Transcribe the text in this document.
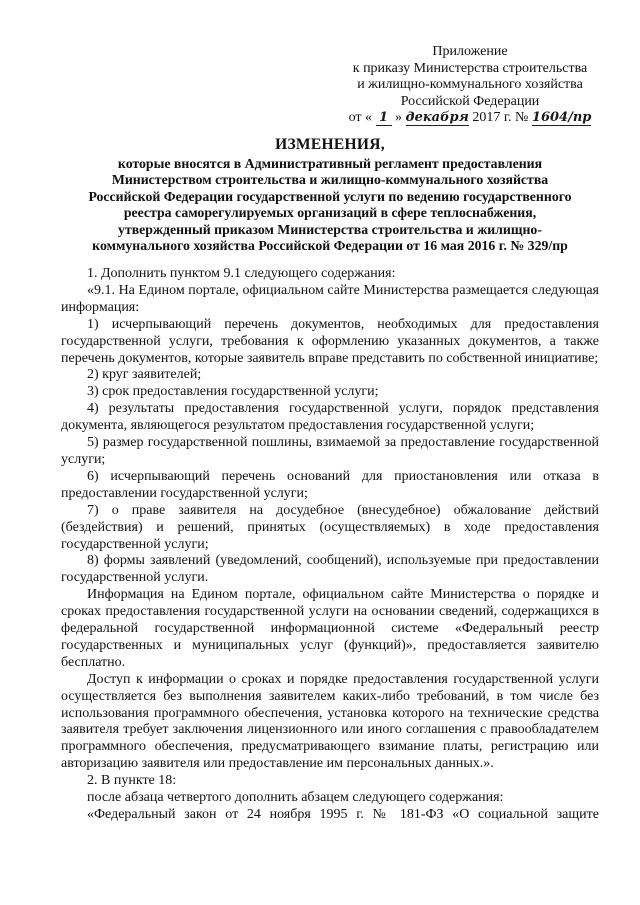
Приложение
к приказу Министерства строительства
и жилищно-коммунального хозяйства
Российской Федерации
от « 1 » декабря 2017 г. № 1604/пр
ИЗМЕНЕНИЯ,
которые вносятся в Административный регламент предоставления
Министерством строительства и жилищно-коммунального хозяйства
Российской Федерации государственной услуги по ведению государственного
реестра саморегулируемых организаций в сфере теплоснабжения,
утвержденный приказом Министерства строительства и жилищно-
коммунального хозяйства Российской Федерации от 16 мая 2016 г. № 329/пр

1. Дополнить пунктом 9.1 следующего содержания:

«9.1. На Едином портале, официальном сайте Министерства размещается следующая информация:

1) исчерпывающий перечень документов, необходимых для предоставления государственной услуги, требования к оформлению указанных документов, а также перечень документов, которые заявитель вправе представить по собственной инициативе;

2) круг заявителей;

3) срок предоставления государственной услуги;

4) результаты предоставления государственной услуги, порядок представления документа, являющегося результатом предоставления государственной услуги;

5) размер государственной пошлины, взимаемой за предоставление государственной услуги;

6) исчерпывающий перечень оснований для приостановления или отказа в предоставлении государственной услуги;

7) о праве заявителя на досудебное (внесудебное) обжалование действий (бездействия) и решений, принятых (осуществляемых) в ходе предоставления государственной услуги;

8) формы заявлений (уведомлений, сообщений), используемые при предоставлении государственной услуги.

Информация на Едином портале, официальном сайте Министерства о порядке и сроках предоставления государственной услуги на основании сведений, содержащихся в федеральной государственной информационной системе «Федеральный реестр государственных и муниципальных услуг (функций)», предоставляется заявителю бесплатно.

Доступ к информации о сроках и порядке предоставления государственной услуги осуществляется без выполнения заявителем каких-либо требований, в том числе без использования программного обеспечения, установка которого на технические средства заявителя требует заключения лицензионного или иного соглашения с правообладателем программного обеспечения, предусматривающего взимание платы, регистрацию или авторизацию заявителя или предоставление им персональных данных.».

2. В пункте 18:

после абзаца четвертого дополнить абзацем следующего содержания:

«Федеральный закон от 24 ноября 1995 г. № 181-ФЗ «О социальной защите
